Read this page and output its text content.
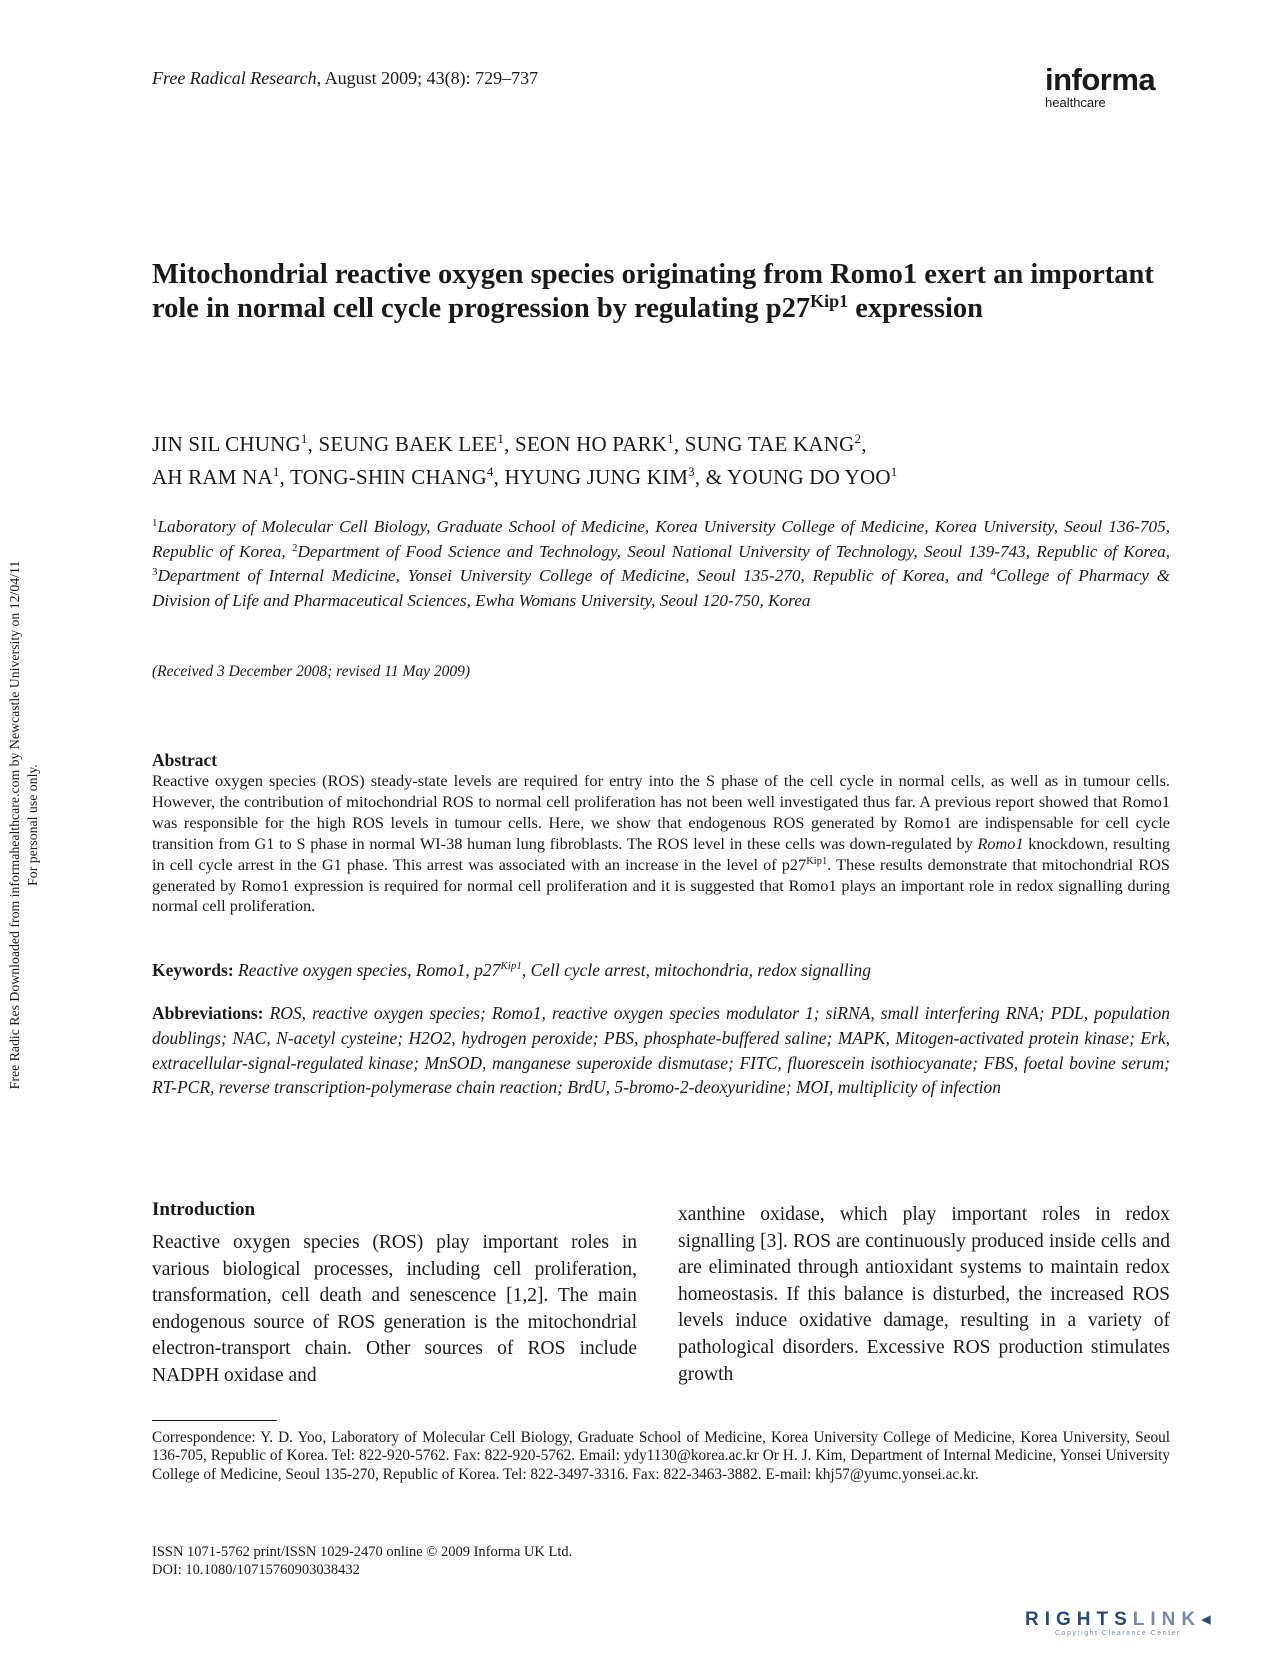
Free Radical Research, August 2009; 43(8): 729–737	informa
healthcare
Free Radic Res Downloaded from informahealthcare.com by Newcastle University on 12/04/11 For personal use only.
Mitochondrial reactive oxygen species originating from Romo1 exert an important role in normal cell cycle progression by regulating $p27^{Kip1}$ expression
JIN SIL CHUNG$^1$, SEUNG BAEK LEE$^1$, SEON HO PARK$^1$, SUNG TAE KANG$^2$,
AH RAM $NA^1$, TONG-SHIN CHANG$^4$, HYUNG JUNG KIM$^3$, & YOUNG DO YOO$^1$
$^1$Laboratory of Molecular Cell Biology, Graduate School of Medicine, Korea University College of Medicine, Korea University, Seoul 136-705, Republic of Korea, $^2$Department of Food Science and Technology, Seoul National University of Technology, Seoul 139-743, Republic of Korea, $^3$Department of Internal Medicine, Yonsei University College of Medicine, Seoul 135-270, Republic of Korea, and $^4$College of Pharmacy & Division of Life and Pharmaceutical Sciences, Ewha Womans University, Seoul 120-750, Korea
(Received 3 December 2008; revised 11 May 2009)
Abstract
Reactive oxygen species (ROS) steady-state levels are required for entry into the S phase of the cell cycle in normal cells, as well as in tumour cells. However, the contribution of mitochondrial ROS to normal cell proliferation has not been well investigated thus far. A previous report showed that Romo1 was responsible for the high ROS levels in tumour cells. Here, we show that endogenous ROS generated by Romo1 are indispensable for cell cycle transition from G1 to S phase in normal WI-38 human lung fibroblasts. The ROS level in these cells was down-regulated by Romo1 knockdown, resulting in cell cycle arrest in the G1 phase. This arrest was associated with an increase in the level of $p27^{Kip1}$. These results demonstrate that mitochondrial ROS generated by Romo1 expression is required for normal cell proliferation and it is suggested that Romo1 plays an important role in redox signalling during normal cell proliferation.
Keywords: Reactive oxygen species, Romo1, $p27^{Kip1}$, Cell cycle arrest, mitochondria, redox signalling
Abbreviations: ROS, reactive oxygen species; Romo1, reactive oxygen species modulator 1; siRNA, small interfering RNA; PDL, population doublings; NAC, N-acetyl cysteine; H2O2, hydrogen peroxide; PBS, phosphate-buffered saline; MAPK, Mitogen-activated protein kinase; Erk, extracellular-signal-regulated kinase; MnSOD, manganese superoxide dismutase; FITC, fluorescein isothiocyanate; FBS, foetal bovine serum; RT-PCR, reverse transcription-polymerase chain reaction; BrdU, 5-bromo-2-deoxyuridine; MOI, multiplicity of infection
Introduction
Reactive oxygen species (ROS) play important roles in various biological processes, including cell proliferation, transformation, cell death and senescence [1,2]. The main endogenous source of ROS generation is the mitochondrial electron-transport chain. Other sources of ROS include NADPH oxidase and
xanthine oxidase, which play important roles in redox signalling [3]. ROS are continuously produced inside cells and are eliminated through antioxidant systems to maintain redox homeostasis. If this balance is disturbed, the increased ROS levels induce oxidative damage, resulting in a variety of pathological disorders. Excessive ROS production stimulates growth
Correspondence: Y. D. Yoo, Laboratory of Molecular Cell Biology, Graduate School of Medicine, Korea University College of Medicine, Korea University, Seoul 136-705, Republic of Korea. Tel: 822-920-5762. Fax: 822-920-5762. Email: ydy1130@korea.ac.kr Or H. J. Kim, Department of Internal Medicine, Yonsei University College of Medicine, Seoul 135-270, Republic of Korea. Tel: 822-3497-3316. Fax: 822-3463-3882. E-mail: khj57@yumc.yonsei.ac.kr.
ISSN 1071-5762 print/ISSN 1029-2470 online © 2009 Informa UK Ltd.
DOI: 10.1080/10715760903038432
RIGHTSLINK◂
Copyright Clearance Center
